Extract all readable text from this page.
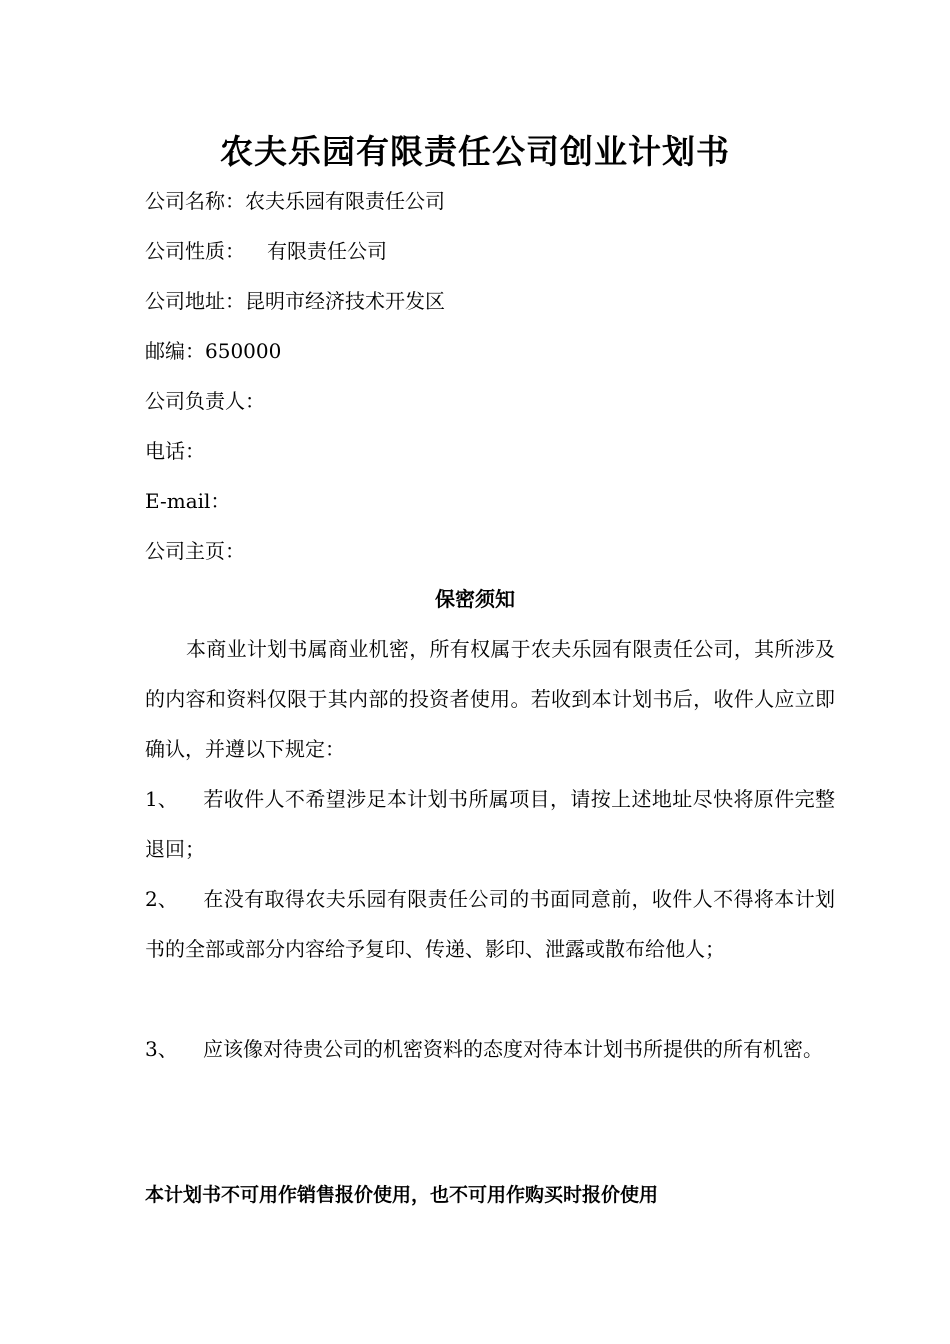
农夫乐园有限责任公司创业计划书

公司名称：农夫乐园有限责任公司

公司性质： 有限责任公司

公司地址：昆明市经济技术开发区

邮编：650000

公司负责人：

电话：

E-mail：

公司主页：

保密须知

本商业计划书属商业机密，所有权属于农夫乐园有限责任公司，其所涉及的内容和资料仅限于其内部的投资者使用。若收到本计划书后，收件人应立即确认，并遵以下规定：

1、 若收件人不希望涉足本计划书所属项目，请按上述地址尽快将原件完整退回；

2、 在没有取得农夫乐园有限责任公司的书面同意前，收件人不得将本计划书的全部或部分内容给予复印、传递、影印、泄露或散布给他人；

3、 应该像对待贵公司的机密资料的态度对待本计划书所提供的所有机密。

本计划书不可用作销售报价使用，也不可用作购买时报价使用
